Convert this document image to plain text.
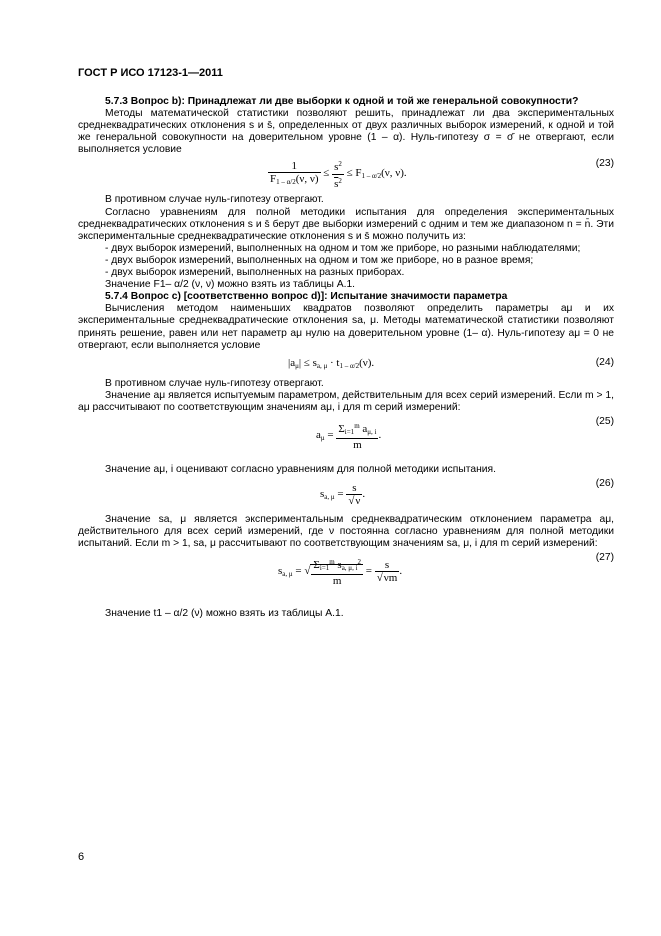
ГОСТ Р ИСО 17123-1—2011

5.7.3 Вопрос b): Принадлежат ли две выборки к одной и той же генеральной совокупности?

Методы математической статистики позволяют решить, принадлежат ли два экспериментальных среднеквадратических отклонения s и s̄, определенных от двух различных выборок измерений, к одной и той же генеральной совокупности на доверительном уровне (1 – α). Нуль-гипотезу σ = σ̄ не отвергают, если выполняется условие

$\frac{1}{F_{1 - \alpha/2}(\nu, \nu)} \le \frac{s^2}{\overline{s}^2} \le F_{1 - \alpha/2}(\nu$, ν).
(23)

В противном случае нуль-гипотезу отвергают.

Согласно уравнениям для полной методики испытания для определения экспериментальных среднеквадратических отклонения s и s̄ берут две выборки измерений с одним и тем же диапазоном n = n̄. Эти экспериментальные среднеквадратические отклонения s и s̄ можно получить из:

- двух выборок измерений, выполненных на одном и том же приборе, но разными наблюдателями;

- двух выборок измерений, выполненных на одном и том же приборе, но в разное время;

- двух выборок измерений, выполненных на разных приборах.

Значение F1– α/2 (ν, ν) можно взять из таблицы А.1.

5.7.4 Вопрос с) [соответственно вопрос d)]: Испытание значимости параметра

Вычисления методом наименьших квадратов позволяют определить параметры aμ и их экспериментальные среднеквадратические отклонения sa, μ. Методы математической статистики позволяют принять решение, равен или нет параметр aμ нулю на доверительном уровне (1– α). Нуль-гипотезу aμ = 0 не отвергают, если выполняется условие

$|a_\mu| \le s_{a, \mu} \cdot t_{1 - \alpha/2}(\nu)$.	(24)

В противном случае нуль-гипотезу отвергают.

Значение aμ является испытуемым параметром, действительным для всех серий измерений. Если m > 1, aμ рассчитывают по соответствующим значениям aμ, i для m серий измерений:

$a_\mu = \frac{\Sigma_{i=1}^m a_{\mu, i}}{m}$ .
(25)

Значение aμ, i оценивают согласно уравнениям для полной методики испытания.

$s_{a, \mu} = \frac{s}{√\nu}$ .
(26)

Значение sa, μ является экспериментальным среднеквадратическим отклонением параметра aμ, действительного для всех серий измерений, где ν постоянна согласно уравнениям для полной методики испытаний. Если m > 1, sa, μ рассчитывают по соответствующим значениям sa, μ, i для m серий измерений:

$s_{a, \mu}$ = √ $\frac{\Sigma_{i=1}^m s_{a, \mu, i}^2}{m} = \frac{s}{√\nu m}$ .
(27)

Значение t1 – α/2 (ν) можно взять из таблицы А.1.

6
